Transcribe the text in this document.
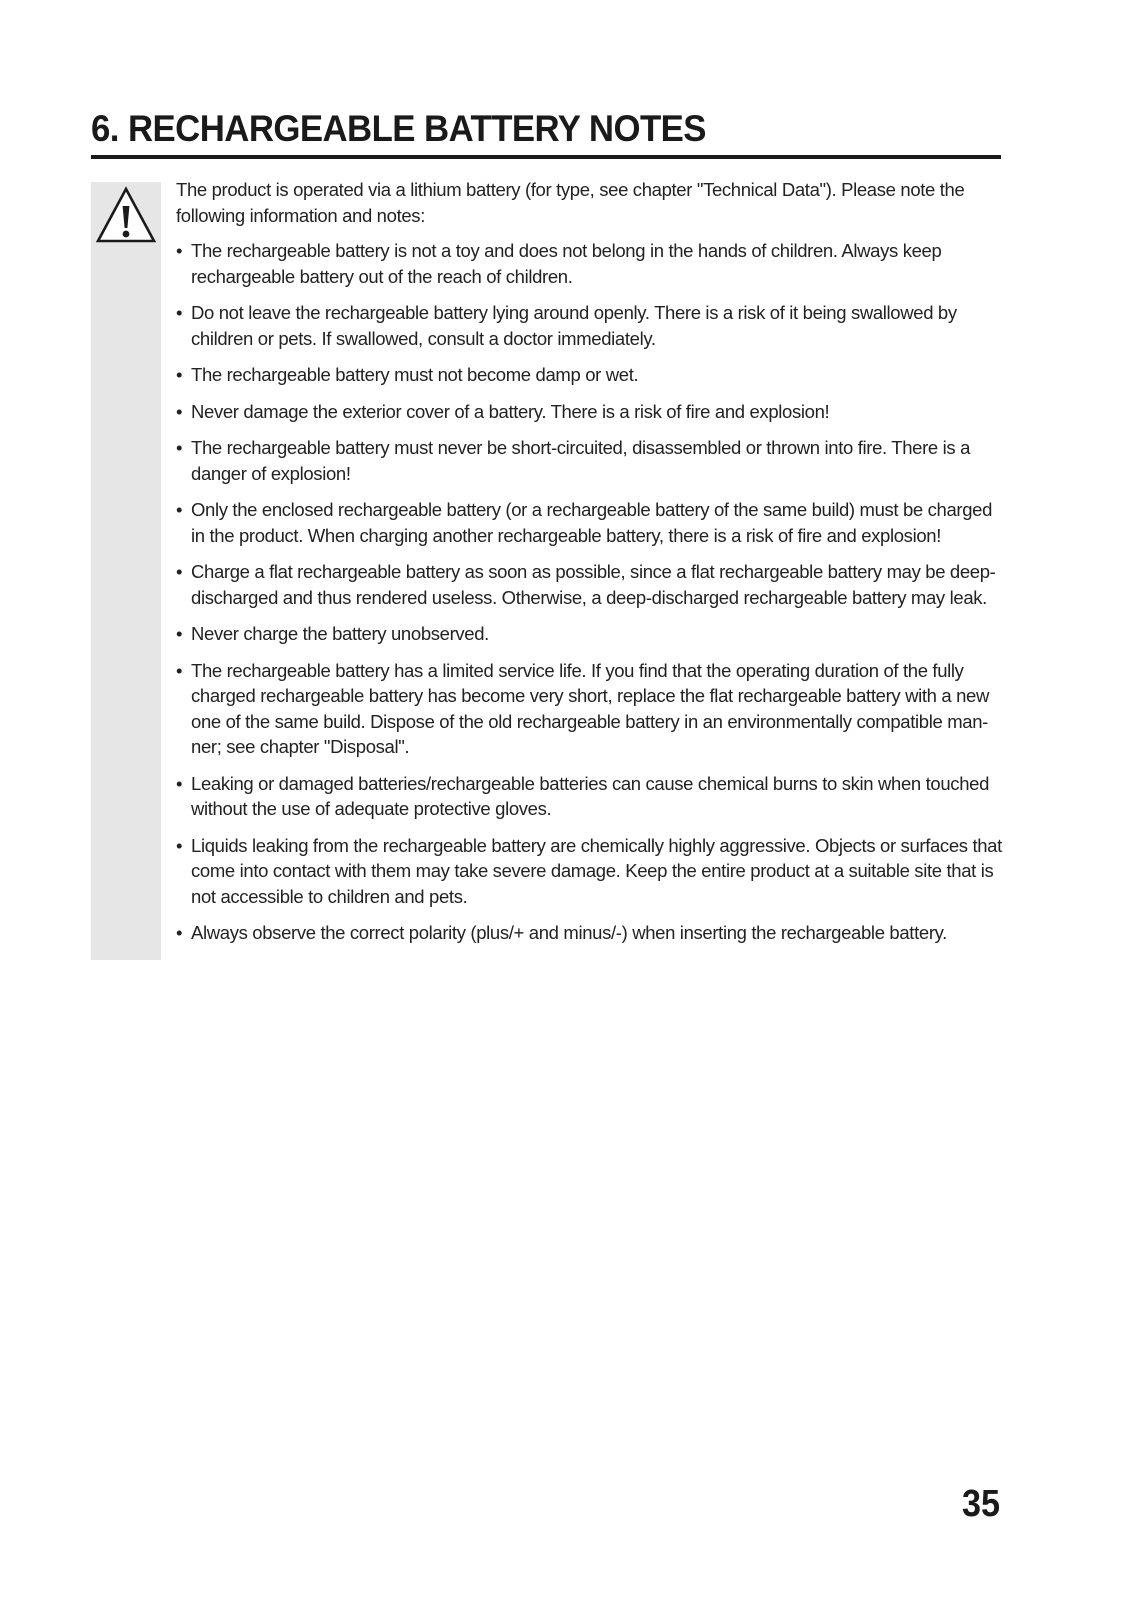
6. RECHARGEABLE BATTERY NOTES

The product is operated via a lithium battery (for type, see chapter "Technical Data"). Please note the following information and notes:

• The rechargeable battery is not a toy and does not belong in the hands of children. Always keep rechargeable battery out of the reach of children.
• Do not leave the rechargeable battery lying around openly. There is a risk of it being swallowed by children or pets. If swallowed, consult a doctor immediately.
• The rechargeable battery must not become damp or wet.
• Never damage the exterior cover of a battery. There is a risk of fire and explosion!
• The rechargeable battery must never be short-circuited, disassembled or thrown into fire. There is a danger of explosion!
• Only the enclosed rechargeable battery (or a rechargeable battery of the same build) must be charged in the product. When charging another rechargeable battery, there is a risk of fire and explosion!
• Charge a flat rechargeable battery as soon as possible, since a flat rechargeable battery may be deep-discharged and thus rendered useless. Otherwise, a deep-discharged rechargeable battery may leak.
• Never charge the battery unobserved.
• The rechargeable battery has a limited service life. If you find that the operating duration of the fully charged rechargeable battery has become very short, replace the flat rechargeable battery with a new one of the same build. Dispose of the old rechargeable battery in an environmentally compatible man-ner; see chapter "Disposal".
• Leaking or damaged batteries/rechargeable batteries can cause chemical burns to skin when touched without the use of adequate protective gloves.
• Liquids leaking from the rechargeable battery are chemically highly aggressive. Objects or surfaces that come into contact with them may take severe damage. Keep the entire product at a suitable site that is not accessible to children and pets.
• Always observe the correct polarity (plus/+ and minus/-) when inserting the rechargeable battery.
35
